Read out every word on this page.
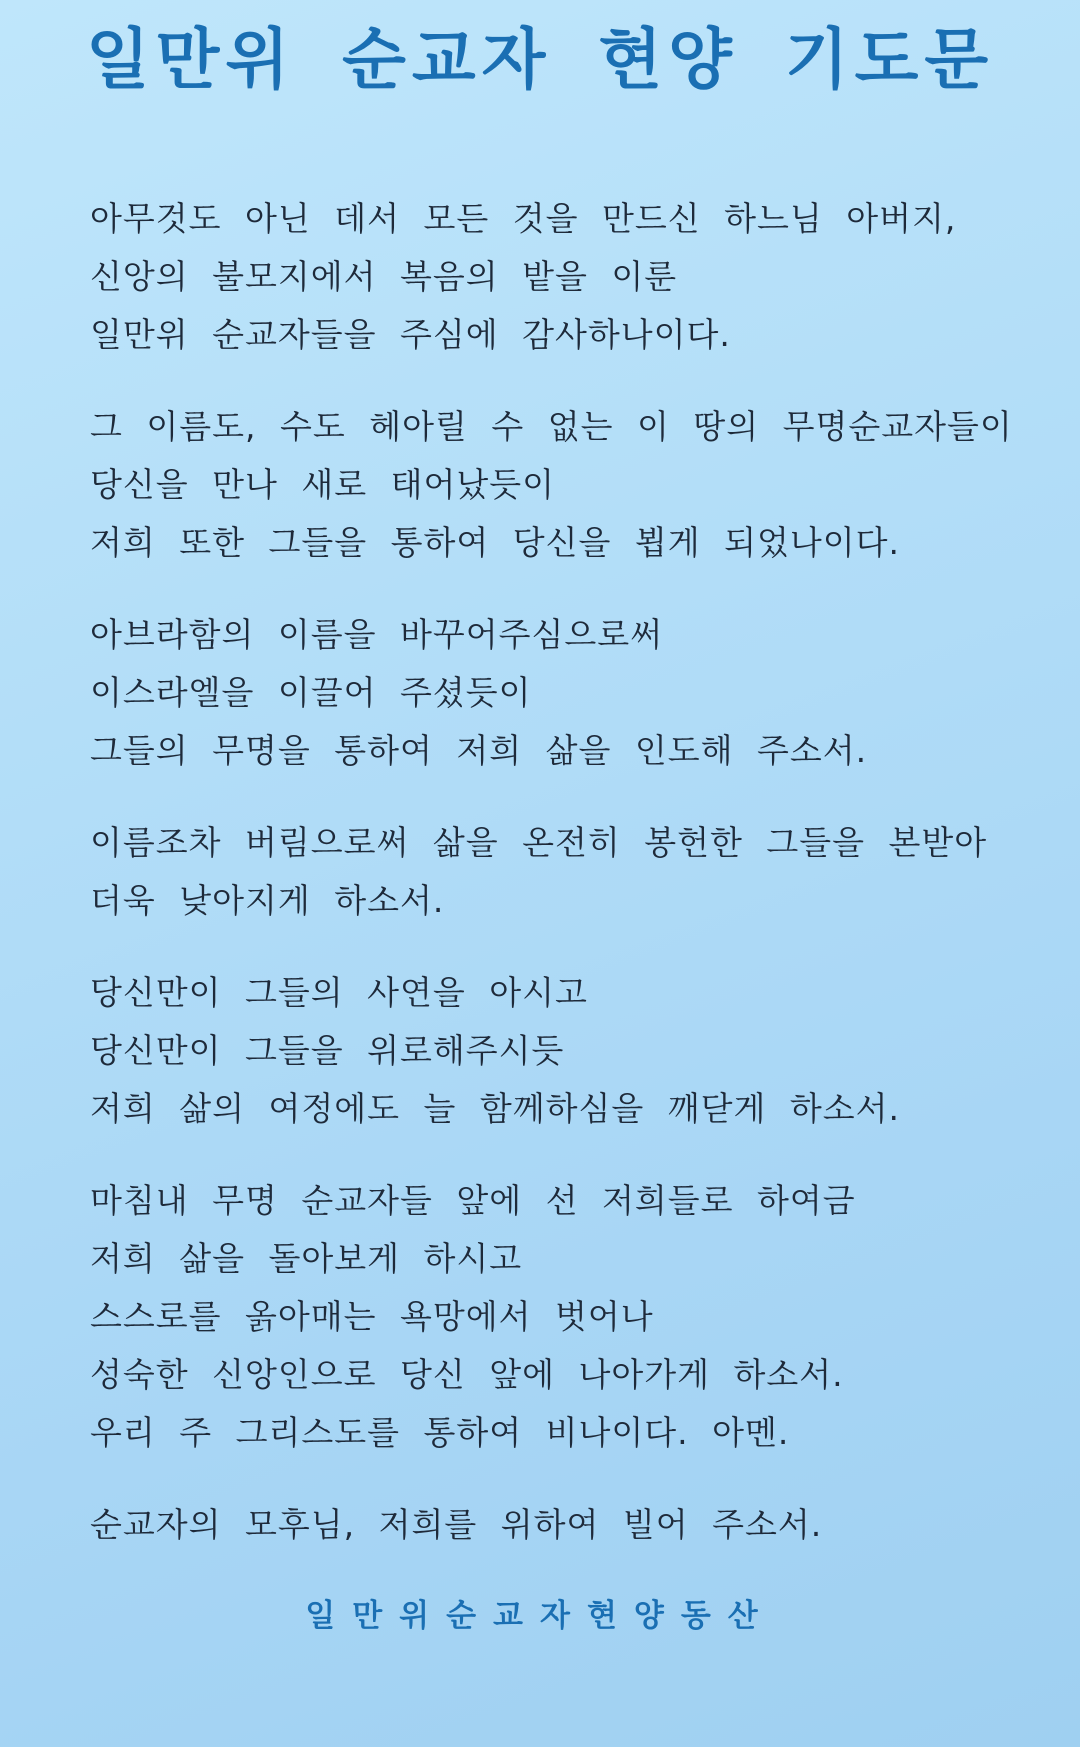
일만위 순교자 현양 기도문
아무것도 아닌 데서 모든 것을 만드신 하느님 아버지,
신앙의 불모지에서 복음의 밭을 이룬
일만위 순교자들을 주심에 감사하나이다.
그 이름도, 수도 헤아릴 수 없는 이 땅의 무명순교자들이
당신을 만나 새로 태어났듯이
저희 또한 그들을 통하여 당신을 뵙게 되었나이다.
아브라함의 이름을 바꾸어주심으로써
이스라엘을 이끌어 주셨듯이
그들의 무명을 통하여 저희 삶을 인도해 주소서.
이름조차 버림으로써 삶을 온전히 봉헌한 그들을 본받아
더욱 낮아지게 하소서.
당신만이 그들의 사연을 아시고
당신만이 그들을 위로해주시듯
저희 삶의 여정에도 늘 함께하심을 깨닫게 하소서.
마침내 무명 순교자들 앞에 선 저희들로 하여금
저희 삶을 돌아보게 하시고
스스로를 옭아매는 욕망에서 벗어나
성숙한 신앙인으로 당신 앞에 나아가게 하소서.
우리 주 그리스도를 통하여 비나이다. 아멘.
순교자의 모후님, 저희를 위하여 빌어 주소서.
일만위순교자현양동산
